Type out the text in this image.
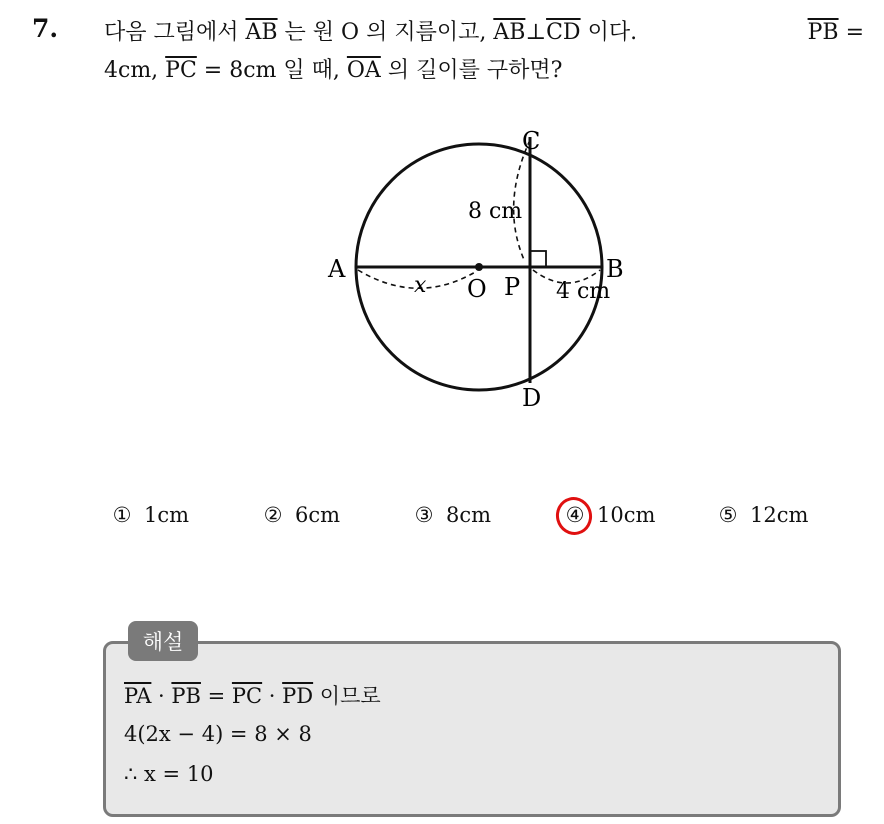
7. 다음 그림에서 $\overline{AB}$ 는 원 O 의 지름이고, $\overline{AB}\perp\overline{CD}$ 이다.	$\overline{PB}$ =
4cm, $\overline{PC} = 8cm$ 일 때, $\overline{OA}$ 의 길이를 구하면?
A	B
C
D
O P
8 cm
4 cm
x
① 1cm	② 6cm	③ 8cm	④ 10cm	⑤ 12cm
해설
$\overline{PA} \cdot \overline{PB} = \overline{PC} \cdot \overline{PD}$ 이므로
4(2x − 4) = 8 × 8
∴ x = 10
